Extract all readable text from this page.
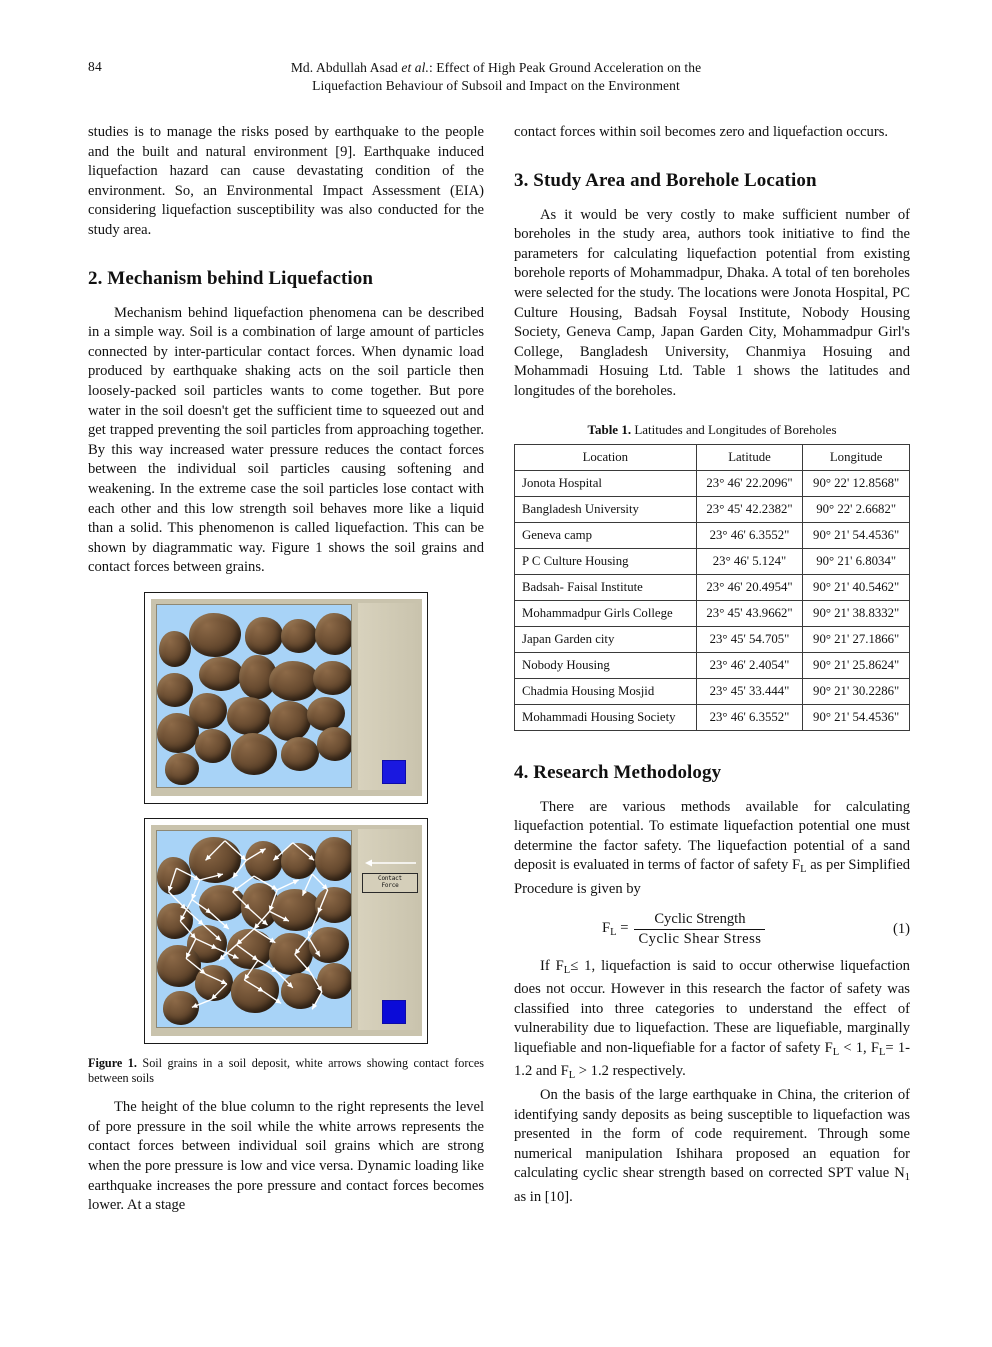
84	Md. Abdullah Asad et al.: Effect of High Peak Ground Acceleration on the
Liquefaction Behaviour of Subsoil and Impact on the Environment

studies is to manage the risks posed by earthquake to the people and the built and natural environment [9]. Earthquake induced liquefaction hazard can cause devastating condition of the environment. So, an Environmental Impact Assessment (EIA) considering liquefaction susceptibility was also conducted for the study area.

2. Mechanism behind Liquefaction

Mechanism behind liquefaction phenomena can be described in a simple way. Soil is a combination of large amount of particles connected by inter-particular contact forces. When dynamic load produced by earthquake shaking acts on the soil particle then loosely-packed soil particles wants to come together. But pore water in the soil doesn't get the sufficient time to squeezed out and get trapped preventing the soil particles from approaching together. By this way increased water pressure reduces the contact forces between the individual soil particles causing softening and weakening. In the extreme case the soil particles lose contact with each other and this low strength soil behaves more like a liquid than a solid. This phenomenon is called liquefaction. This can be shown by diagrammatic way. Figure 1 shows the soil grains and contact forces between grains.

Contact
Force
Figure 1. Soil grains in a soil deposit, white arrows showing contact forces between soils

The height of the blue column to the right represents the level of pore pressure in the soil while the white arrows represents the contact forces between individual soil grains which are strong when the pore pressure is low and vice versa. Dynamic loading like earthquake increases the pore pressure and contact forces becomes lower. At a stage

contact forces within soil becomes zero and liquefaction occurs.

3. Study Area and Borehole Location

As it would be very costly to make sufficient number of boreholes in the study area, authors took initiative to find the parameters for calculating liquefaction potential from existing borehole reports of Mohammadpur, Dhaka. A total of ten boreholes were selected for the study. The locations were Jonota Hospital, PC Culture Housing, Badsah Foysal Institute, Nobody Housing Society, Geneva Camp, Japan Garden City, Mohammadpur Girl's College, Bangladesh University, Chanmiya Hosuing and Mohammadi Hosuing Ltd. Table 1 shows the latitudes and longitudes of the boreholes.

Table 1. Latitudes and Longitudes of Boreholes
Location	Latitude	Longitude
Jonota Hospital	23° 46' 22.2096"	90° 22' 12.8568"
Bangladesh University	23° 45' 42.2382"	90° 22' 2.6682"
Geneva camp	23° 46' 6.3552"	90° 21' 54.4536"
P C Culture Housing	23° 46' 5.124"	90° 21' 6.8034"
Badsah- Faisal Institute	23° 46' 20.4954"	90° 21' 40.5462"
Mohammadpur Girls College	23° 45' 43.9662"	90° 21' 38.8332"
Japan Garden city	23° 45' 54.705"	90° 21' 27.1866"
Nobody Housing	23° 46' 2.4054"	90° 21' 25.8624"
Chadmia Housing Mosjid	23° 45' 33.444"	90° 21' 30.2286"
Mohammadi Housing Society	23° 46' 6.3552"	90° 21' 54.4536"
4. Research Methodology

There are various methods available for calculating liquefaction potential. To estimate liquefaction potential one must determine the factor safety. The liquefaction potential of a sand deposit is evaluated in terms of factor of safety $F_L$ as per Simplified Procedure is given by

$F_L = \frac{\text{Cyclic Strength}}{\text{Cyclic Shear Stress}}$	(1)

If $F_L\le 1$, liquefaction is said to occur otherwise liquefaction does not occur. However in this research the factor of safety was classified into three categories to understand the effect of vulnerability due to liquefaction. These are liquefiable, marginally liquefiable and non-liquefiable for a factor of safety $F_L < 1$, $F_L= 1-1.2$ and $F_L > 1.2$ respectively.

On the basis of the large earthquake in China, the criterion of identifying sandy deposits as being susceptible to liquefaction was presented in the form of code requirement. Through some numerical manipulation Ishihara proposed an equation for calculating cyclic shear strength based on corrected SPT value $N_1$ as in [10].
